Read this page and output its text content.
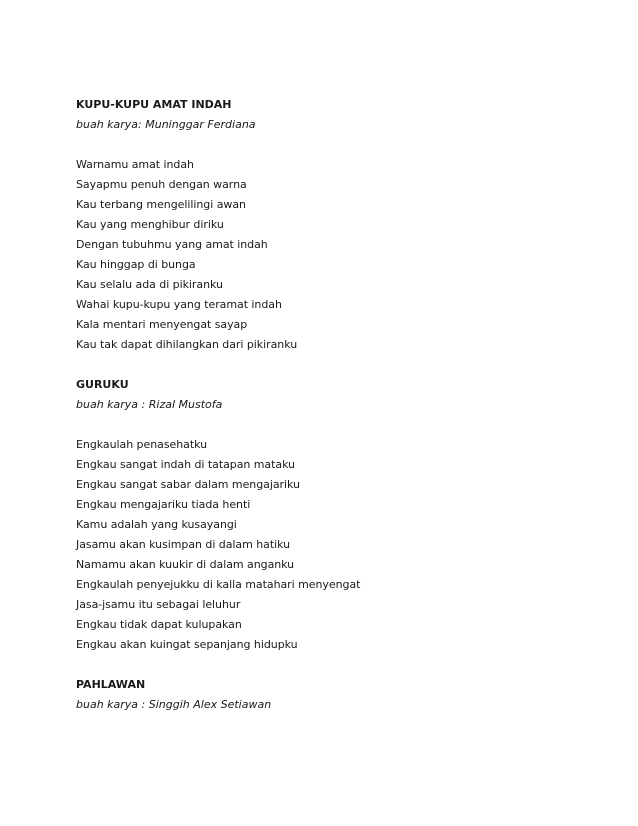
KUPU-KUPU AMAT INDAH
buah karya: Muninggar Ferdiana
Warnamu amat indah
Sayapmu penuh dengan warna
Kau terbang mengelilingi awan
Kau yang menghibur diriku
Dengan tubuhmu yang amat indah
Kau hinggap di bunga
Kau selalu ada di pikiranku
Wahai kupu-kupu yang teramat indah
Kala mentari menyengat sayap
Kau tak dapat dihilangkan dari pikiranku
GURUKU
buah karya : Rizal Mustofa
Engkaulah penasehatku
Engkau sangat indah di tatapan mataku
Engkau sangat sabar dalam mengajariku
Engkau mengajariku tiada henti
Kamu adalah yang kusayangi
Jasamu akan kusimpan di dalam hatiku
Namamu akan kuukir di dalam anganku
Engkaulah penyejukku di kalla matahari menyengat
Jasa-jsamu itu sebagai leluhur
Engkau tidak dapat kulupakan
Engkau akan kuingat sepanjang hidupku
PAHLAWAN
buah karya : Singgih Alex Setiawan
